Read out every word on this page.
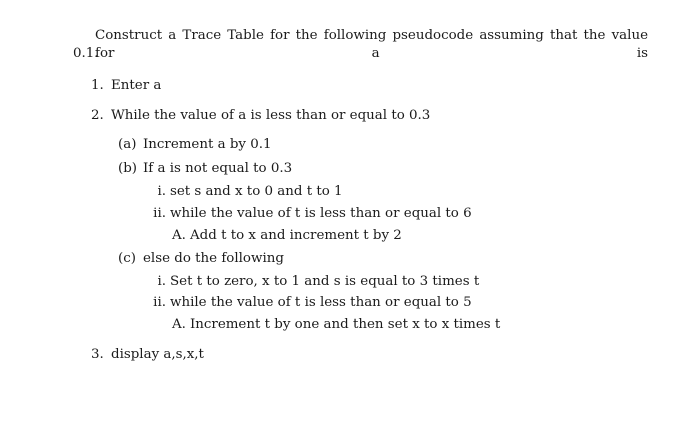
Construct a Trace Table for the following pseudocode assuming that the value for a is
0.1.
1. Enter a
2. While the value of a is less than or equal to 0.3
(a) Increment a by 0.1
(b) If a is not equal to 0.3
i. set s and x to 0 and t to 1
ii. while the value of t is less than or equal to 6
A. Add t to x and increment t by 2
(c) else do the following
i. Set t to zero, x to 1 and s is equal to 3 times t
ii. while the value of t is less than or equal to 5
A. Increment t by one and then set x to x times t
3. display a,s,x,t
